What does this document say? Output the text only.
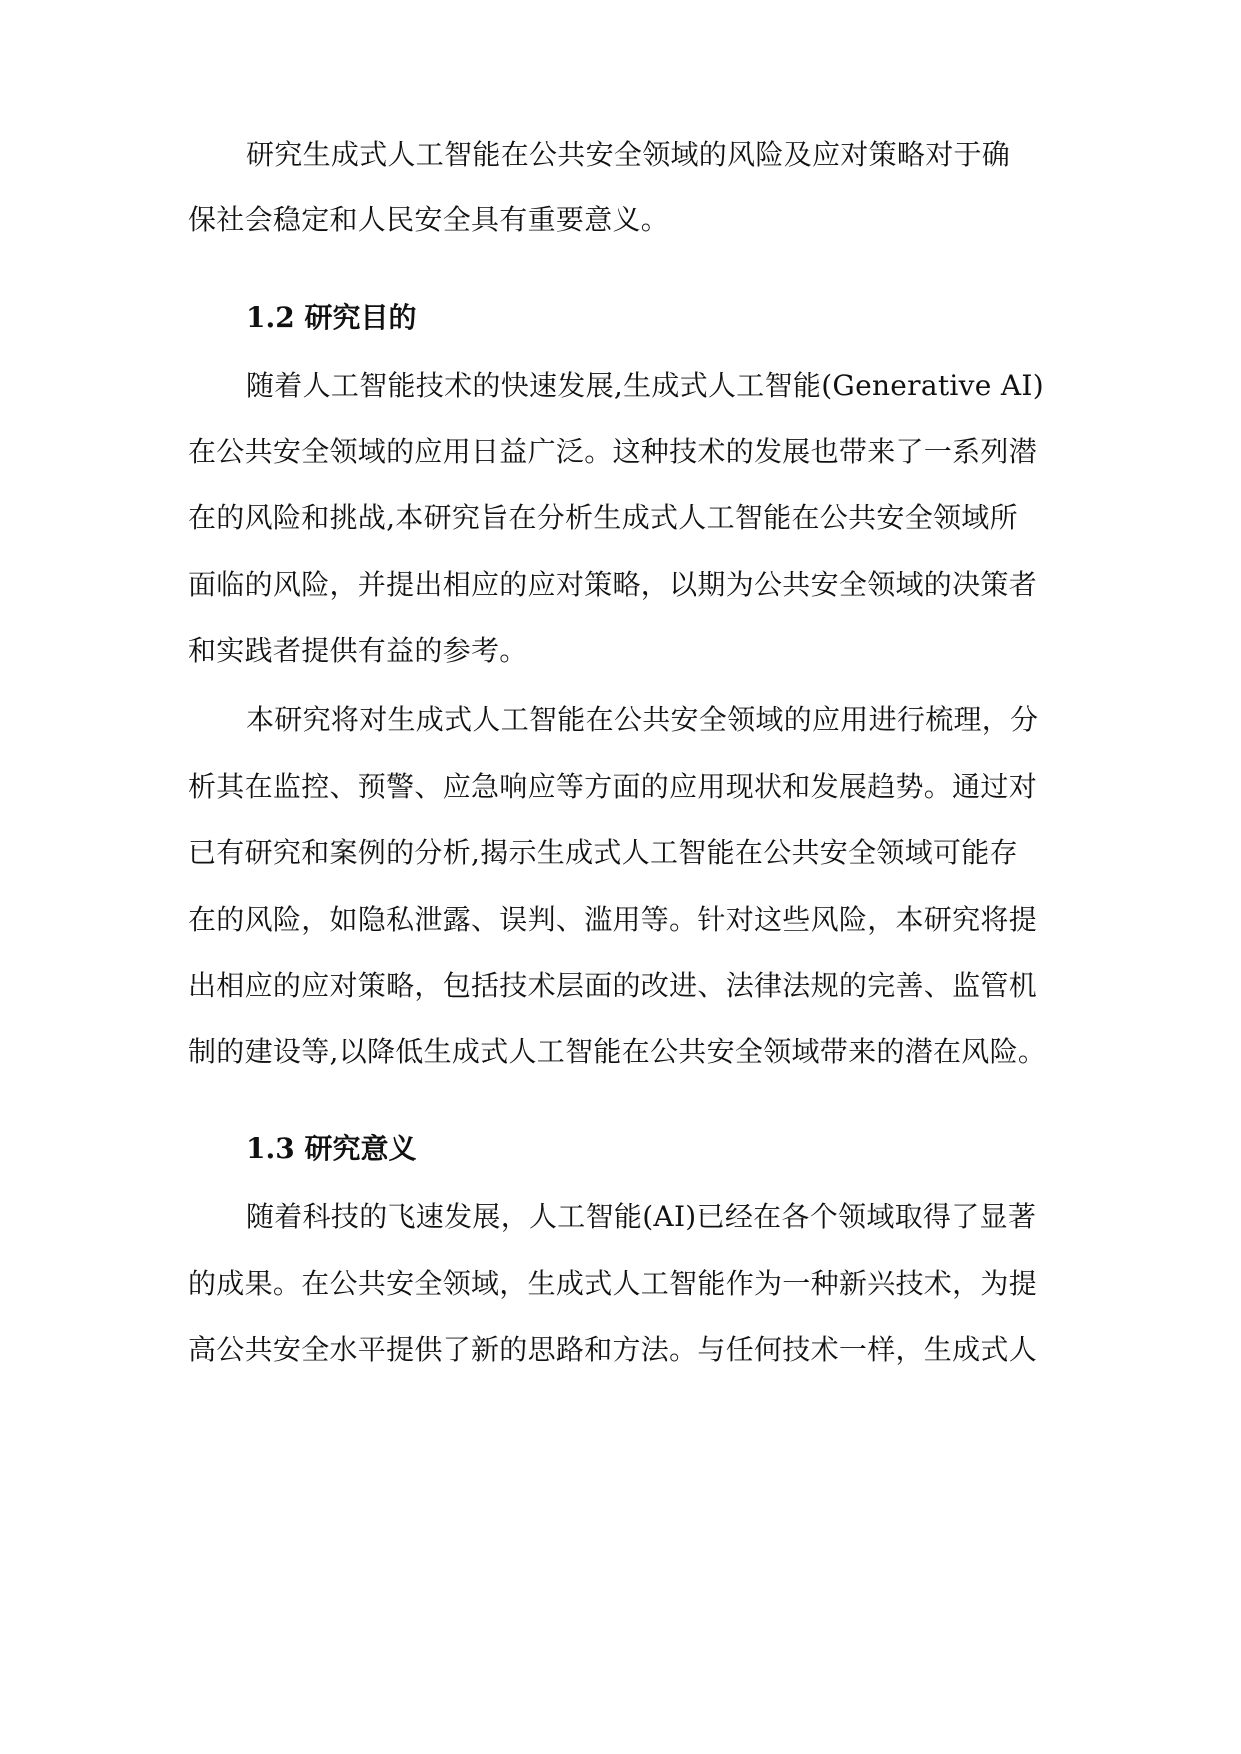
研究生成式人工智能在公共安全领域的风险及应对策略对于确
保社会稳定和人民安全具有重要意义。
1.2 研究目的
随着人工智能技术的快速发展,生成式人工智能(Generative AI)
在公共安全领域的应用日益广泛。这种技术的发展也带来了一系列潜
在的风险和挑战,本研究旨在分析生成式人工智能在公共安全领域所
面临的风险，并提出相应的应对策略，以期为公共安全领域的决策者
和实践者提供有益的参考。
本研究将对生成式人工智能在公共安全领域的应用进行梳理，分
析其在监控、预警、应急响应等方面的应用现状和发展趋势。通过对
已有研究和案例的分析,揭示生成式人工智能在公共安全领域可能存
在的风险，如隐私泄露、误判、滥用等。针对这些风险，本研究将提
出相应的应对策略，包括技术层面的改进、法律法规的完善、监管机
制的建设等,以降低生成式人工智能在公共安全领域带来的潜在风险。
1.3 研究意义
随着科技的飞速发展，人工智能(AI)已经在各个领域取得了显著
的成果。在公共安全领域，生成式人工智能作为一种新兴技术，为提
高公共安全水平提供了新的思路和方法。与任何技术一样，生成式人
